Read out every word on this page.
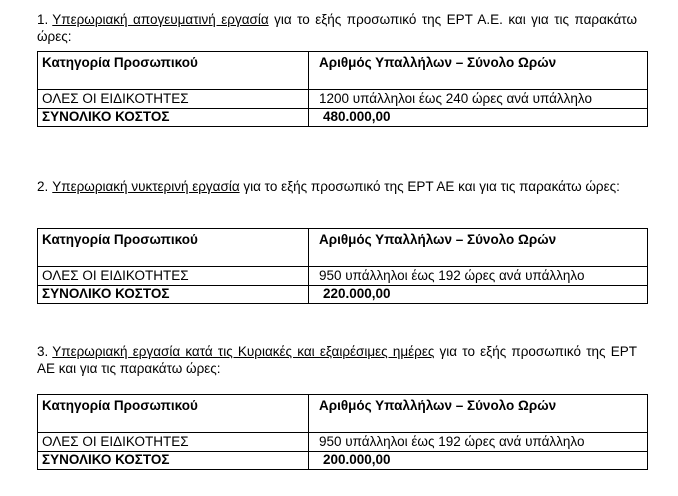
1. Υπερωριακή απογευματινή εργασία για το εξής προσωπικό της ΕΡΤ Α.Ε. και για τις παρακάτω ώρες:

Κατηγορία Προσωπικού	Αριθμός Υπαλλήλων – Σύνολο Ωρών
ΟΛΕΣ ΟΙ ΕΙΔΙΚΟΤΗΤΕΣ	1200 υπάλληλοι έως 240 ώρες ανά υπάλληλο
ΣΥΝΟΛΙΚΟ ΚΟΣΤΟΣ	480.000,00

2. Υπερωριακή νυκτερινή εργασία για το εξής προσωπικό της ΕΡΤ ΑΕ και για τις παρακάτω ώρες:

Κατηγορία Προσωπικού	Αριθμός Υπαλλήλων – Σύνολο Ωρών
ΟΛΕΣ ΟΙ ΕΙΔΙΚΟΤΗΤΕΣ	950 υπάλληλοι έως 192 ώρες ανά υπάλληλο
ΣΥΝΟΛΙΚΟ ΚΟΣΤΟΣ	220.000,00

3. Υπερωριακή εργασία κατά τις Κυριακές και εξαιρέσιμες ημέρες για το εξής προσωπικό της ΕΡΤ ΑΕ και για τις παρακάτω ώρες:

Κατηγορία Προσωπικού	Αριθμός Υπαλλήλων – Σύνολο Ωρών
ΟΛΕΣ ΟΙ ΕΙΔΙΚΟΤΗΤΕΣ	950 υπάλληλοι έως 192 ώρες ανά υπάλληλο
ΣΥΝΟΛΙΚΟ ΚΟΣΤΟΣ	200.000,00
